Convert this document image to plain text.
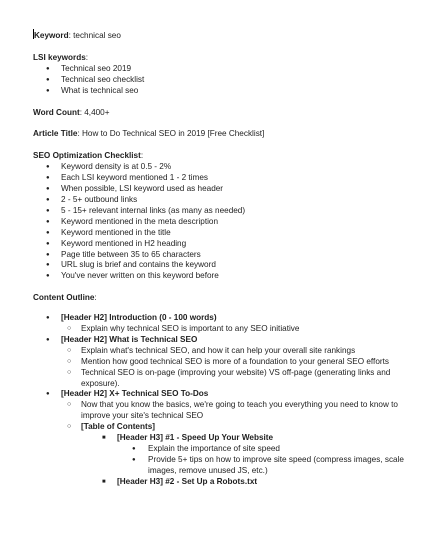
Keyword: technical seo
LSI keywords:
● Technical seo 2019
● Technical seo checklist
● What is technical seo
Word Count: 4,400+
Article Title: How to Do Technical SEO in 2019 [Free Checklist]
SEO Optimization Checklist:
● Keyword density is at 0.5 - 2%
● Each LSI keyword mentioned 1 - 2 times
● When possible, LSI keyword used as header
● 2 - 5+ outbound links
● 5 - 15+ relevant internal links (as many as needed)
● Keyword mentioned in the meta description
● Keyword mentioned in the title
● Keyword mentioned in H2 heading
● Page title between 35 to 65 characters
● URL slug is brief and contains the keyword
● You've never written on this keyword before
Content Outline:
● [Header H2] Introduction (0 - 100 words)
○ Explain why technical SEO is important to any SEO initiative
● [Header H2] What is Technical SEO
○ Explain what's technical SEO, and how it can help your overall site rankings
○ Mention how good technical SEO is more of a foundation to your general SEO efforts
○ Technical SEO is on-page (improving your website) VS off-page (generating links and exposure).
● [Header H2] X+ Technical SEO To-Dos
○ Now that you know the basics, we're going to teach you everything you need to know to improve your site's technical SEO
○ [Table of Contents]
■ [Header H3] #1 - Speed Up Your Website
● Explain the importance of site speed
● Provide 5+ tips on how to improve site speed (compress images, scale images, remove unused JS, etc.)
■ [Header H3] #2 - Set Up a Robots.txt
